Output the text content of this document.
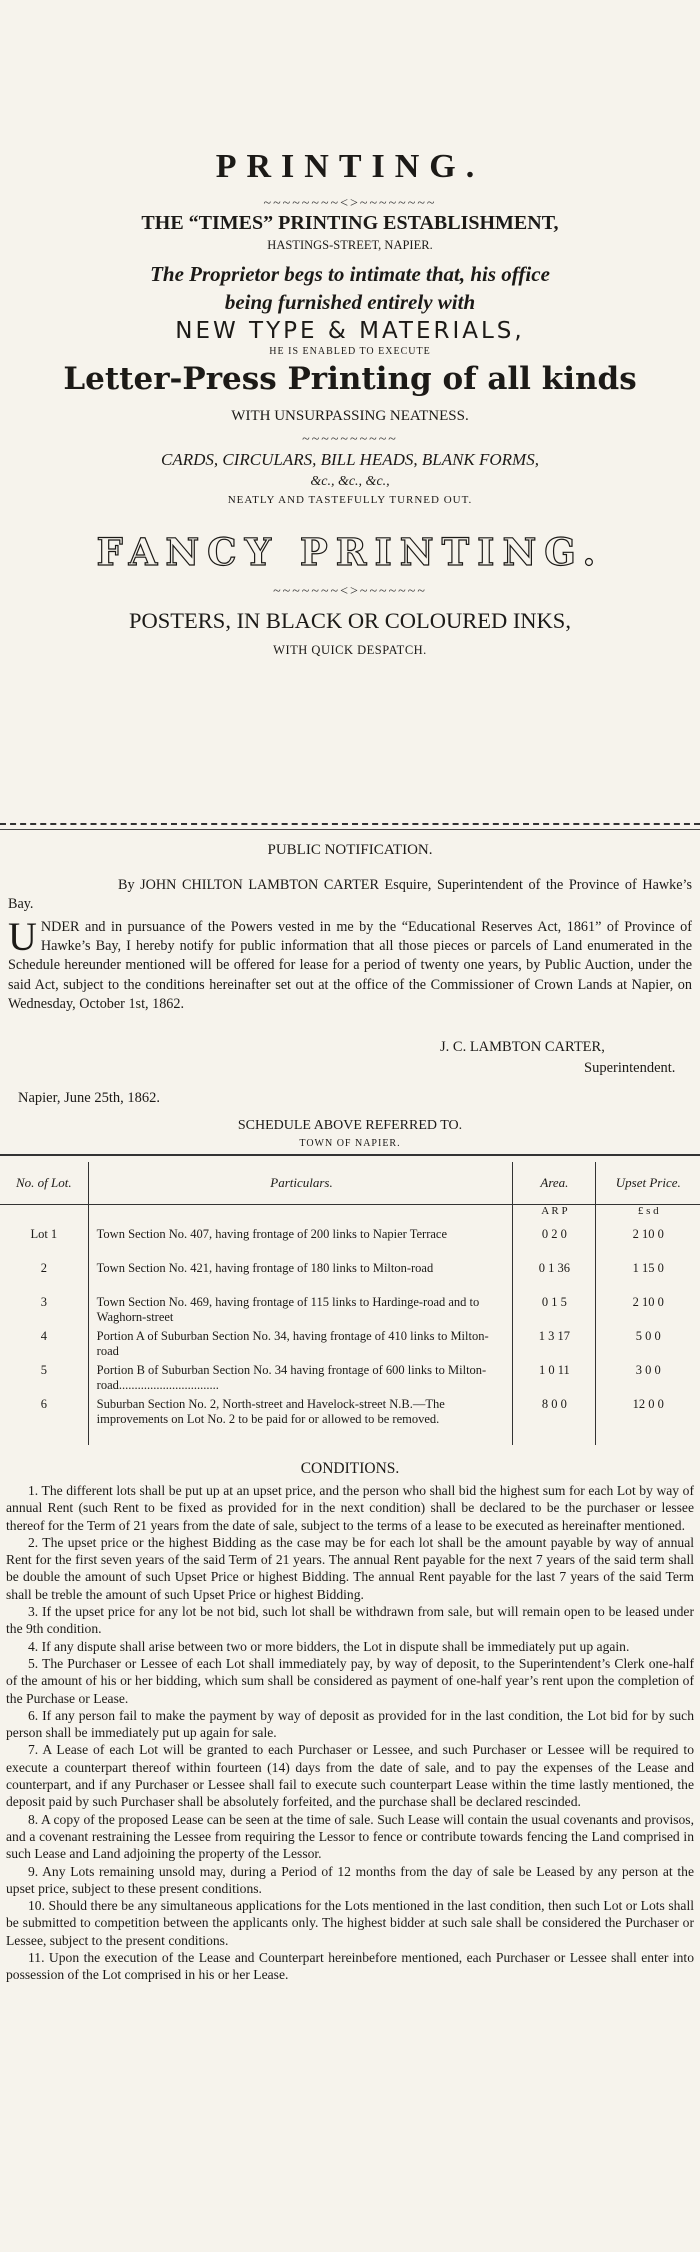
PRINTING.
~~~~~~~~<>~~~~~~~~
THE “TIMES” PRINTING ESTABLISHMENT,
HASTINGS-STREET, NAPIER.
The Proprietor begs to intimate that, his office
being furnished entirely with
NEW TYPE & MATERIALS,
HE IS ENABLED TO EXECUTE
Letter-Press Printing of all kinds
WITH UNSURPASSING NEATNESS.
~~~~~~~~~~
CARDS, CIRCULARS, BILL HEADS, BLANK FORMS,
&c., &c., &c.,
NEATLY AND TASTEFULLY TURNED OUT.
FANCY PRINTING.
~~~~~~~<>~~~~~~~
POSTERS, IN BLACK OR COLOURED INKS,
WITH QUICK DESPATCH.
PUBLIC NOTIFICATION.
By JOHN CHILTON LAMBTON CARTER Esquire, Superintendent of the Province of Hawke’s Bay.
U NDER and in pursuance of the Powers vested in me by the “Educational Reserves Act, 1861” of Province of Hawke’s Bay, I hereby notify for public information that all those pieces or parcels of Land enumerated in the Schedule hereunder mentioned will be offered for lease for a period of twenty one years, by Public Auction, under the said Act, subject to the conditions hereinafter set out at the office of the Commissioner of Crown Lands at Napier, on Wednesday, October 1st, 1862.
J. C. LAMBTON CARTER,
Superintendent.
Napier, June 25th, 1862.
SCHEDULE ABOVE REFERRED TO.
TOWN OF NAPIER.
No. of Lot.	Particulars.	Area.	Upset Price.
		A R P	£ s d
Lot 1	Town Section No. 407, having frontage of 200 links to Napier Terrace	0 2 0	2 10 0
2	Town Section No. 421, having frontage of 180 links to Milton-road	0 1 36	1 15 0
3	Town Section No. 469, having frontage of 115 links to Hardinge-road and to Waghorn-street	0 1 5	2 10 0
4	Portion A of Suburban Section No. 34, having frontage of 410 links to Milton-road	1 3 17	5 0 0
5	Portion B of Suburban Section No. 34 having frontage of 600 links to Milton-road................................	1 0 11	3 0 0
6	Suburban Section No. 2, North-street and Havelock-street N.B.—The improvements on Lot No. 2 to be paid for or allowed to be removed.	8 0 0	12 0 0
CONDITIONS.

1. The different lots shall be put up at an upset price, and the person who shall bid the highest sum for each Lot by way of annual Rent (such Rent to be fixed as provided for in the next condition) shall be declared to be the purchaser or lessee thereof for the Term of 21 years from the date of sale, subject to the terms of a lease to be executed as hereinafter mentioned.

2. The upset price or the highest Bidding as the case may be for each lot shall be the amount payable by way of annual Rent for the first seven years of the said Term of 21 years. The annual Rent payable for the next 7 years of the said term shall be double the amount of such Upset Price or highest Bidding. The annual Rent payable for the last 7 years of the said Term shall be treble the amount of such Upset Price or highest Bidding.

3. If the upset price for any lot be not bid, such lot shall be withdrawn from sale, but will remain open to be leased under the 9th condition.

4. If any dispute shall arise between two or more bidders, the Lot in dispute shall be immediately put up again.

5. The Purchaser or Lessee of each Lot shall immediately pay, by way of deposit, to the Superintendent’s Clerk one-half of the amount of his or her bidding, which sum shall be considered as payment of one-half year’s rent upon the completion of the Purchase or Lease.

6. If any person fail to make the payment by way of deposit as provided for in the last condition, the Lot bid for by such person shall be immediately put up again for sale.

7. A Lease of each Lot will be granted to each Purchaser or Lessee, and such Purchaser or Lessee will be required to execute a counterpart thereof within fourteen (14) days from the date of sale, and to pay the expenses of the Lease and counterpart, and if any Purchaser or Lessee shall fail to execute such counterpart Lease within the time lastly mentioned, the deposit paid by such Purchaser shall be absolutely forfeited, and the purchase shall be declared rescinded.

8. A copy of the proposed Lease can be seen at the time of sale. Such Lease will contain the usual covenants and provisos, and a covenant restraining the Lessee from requiring the Lessor to fence or contribute towards fencing the Land comprised in such Lease and Land adjoining the property of the Lessor.

9. Any Lots remaining unsold may, during a Period of 12 months from the day of sale be Leased by any person at the upset price, subject to these present conditions.

10. Should there be any simultaneous applications for the Lots mentioned in the last condition, then such Lot or Lots shall be submitted to competition between the applicants only. The highest bidder at such sale shall be considered the Purchaser or Lessee, subject to the present conditions.

11. Upon the execution of the Lease and Counterpart hereinbefore mentioned, each Purchaser or Lessee shall enter into possession of the Lot comprised in his or her Lease.
